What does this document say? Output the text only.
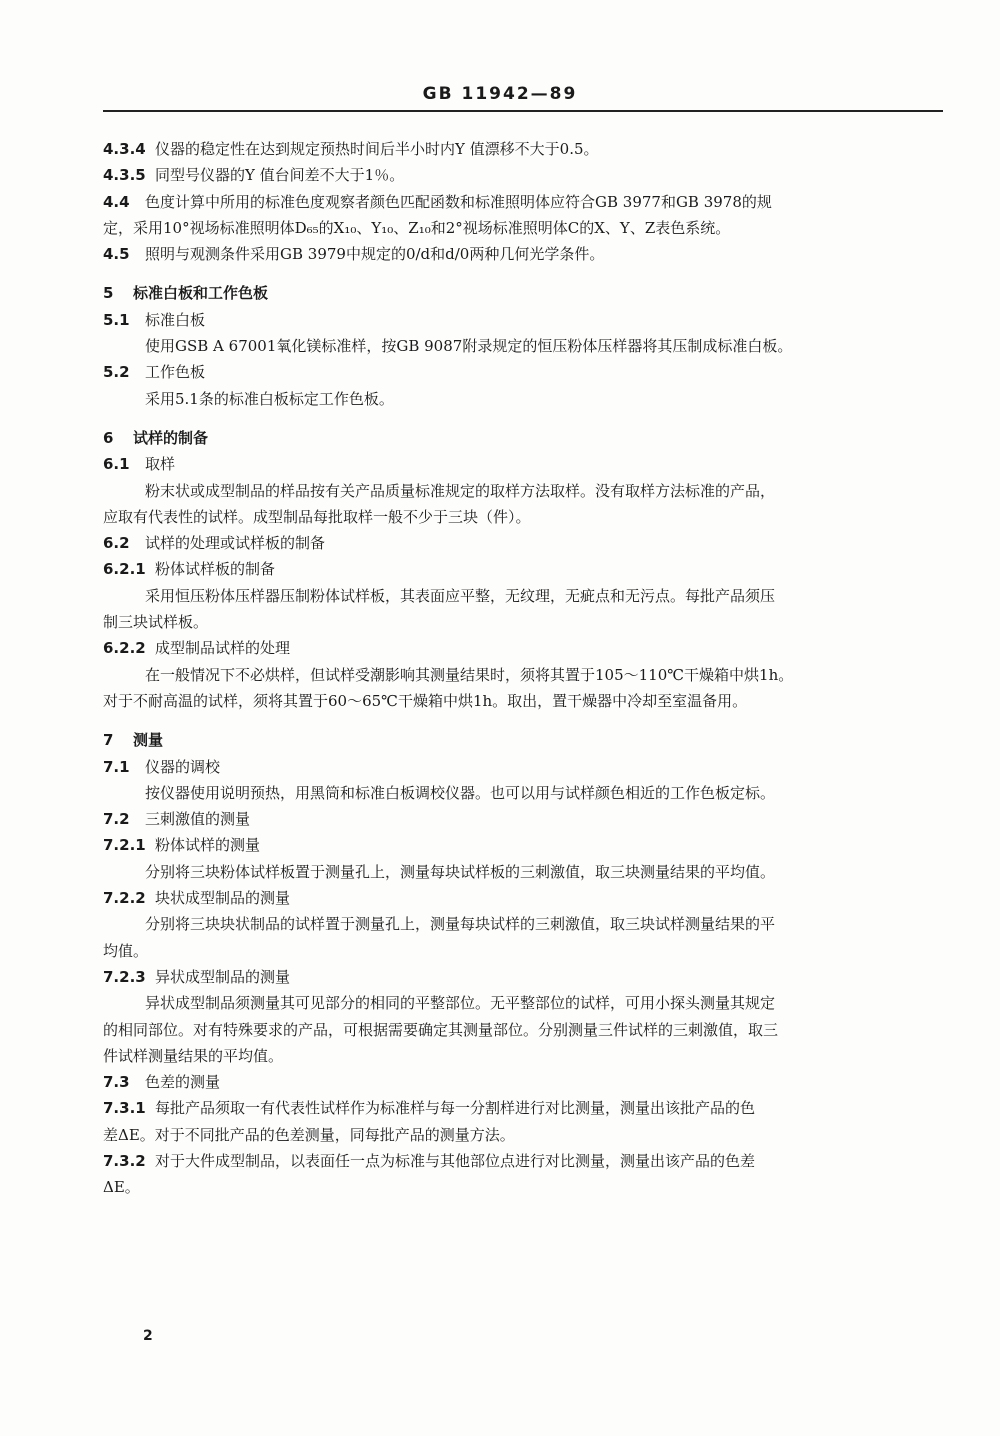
GB 11942—89
4.3.4 仪器的稳定性在达到规定预热时间后半小时内Y 值漂移不大于0.5。
4.3.5 同型号仪器的Y 值台间差不大于1％。
4.4 色度计算中所用的标准色度观察者颜色匹配函数和标准照明体应符合GB 3977和GB 3978的规
定，采用10°视场标准照明体D₆₅的X₁₀、Y₁₀、Z₁₀和2°视场标准照明体C的X、Y、Z表色系统。
4.5 照明与观测条件采用GB 3979中规定的0/d和d/0两种几何光学条件。
5 标准白板和工作色板
5.1 标准白板
使用GSB A 67001氧化镁标准样，按GB 9087附录规定的恒压粉体压样器将其压制成标准白板。
5.2 工作色板
采用5.1条的标准白板标定工作色板。
6 试样的制备
6.1 取样
粉末状或成型制品的样品按有关产品质量标准规定的取样方法取样。没有取样方法标准的产品，
应取有代表性的试样。成型制品每批取样一般不少于三块（件）。
6.2 试样的处理或试样板的制备
6.2.1 粉体试样板的制备
采用恒压粉体压样器压制粉体试样板，其表面应平整，无纹理，无疵点和无污点。每批产品须压
制三块试样板。
6.2.2 成型制品试样的处理
在一般情况下不必烘样，但试样受潮影响其测量结果时，须将其置于105～110℃干燥箱中烘1h。
对于不耐高温的试样，须将其置于60～65℃干燥箱中烘1h。取出，置干燥器中冷却至室温备用。
7 测量
7.1 仪器的调校
按仪器使用说明预热，用黑筒和标准白板调校仪器。也可以用与试样颜色相近的工作色板定标。
7.2 三刺激值的测量
7.2.1 粉体试样的测量
分别将三块粉体试样板置于测量孔上，测量每块试样板的三刺激值，取三块测量结果的平均值。
7.2.2 块状成型制品的测量
分别将三块块状制品的试样置于测量孔上，测量每块试样的三刺激值，取三块试样测量结果的平
均值。
7.2.3 异状成型制品的测量
异状成型制品须测量其可见部分的相同的平整部位。无平整部位的试样，可用小探头测量其规定
的相同部位。对有特殊要求的产品，可根据需要确定其测量部位。分别测量三件试样的三刺激值，取三
件试样测量结果的平均值。
7.3 色差的测量
7.3.1 每批产品须取一有代表性试样作为标准样与每一分割样进行对比测量，测量出该批产品的色
差ΔE。对于不同批产品的色差测量，同每批产品的测量方法。
7.3.2 对于大件成型制品，以表面任一点为标准与其他部位点进行对比测量，测量出该产品的色差
ΔE。
2
